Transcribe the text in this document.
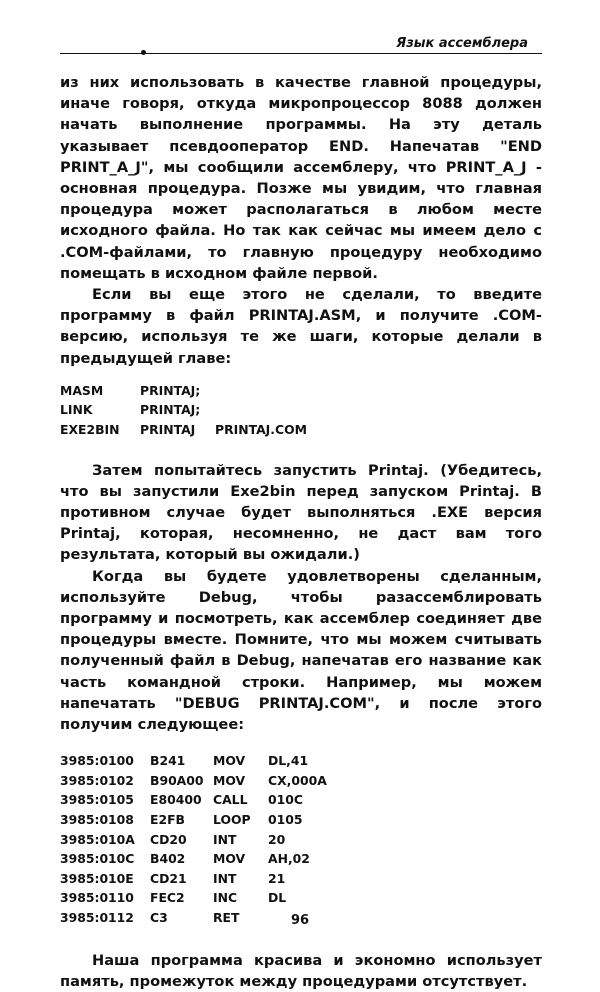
Язык ассемблера

из них использовать в качестве главной процедуры, иначе говоря, откуда микропроцессор 8088 должен начать выполнение программы. На эту деталь указывает псевдооператор END. Напечатав "END PRINT_A_J", мы сообщили ассемблеру, что PRINT_A_J - основная процедура. Позже мы увидим, что главная процедура может располагаться в любом месте исходного файла. Но так как сейчас мы имеем дело с .COM-файлами, то главную процедуру необходимо помещать в исходном файле первой.

Если вы еще этого не сделали, то введите программу в файл PRINTAJ.ASM, и получите .COM-версию, используя те же шаги, которые делали в предыдущей главе:

MASM	PRINTAJ;
LINK	PRINTAJ;
EXE2BIN	PRINTAJ	PRINTAJ.COM

Затем попытайтесь запустить Printaj. (Убедитесь, что вы запустили Exe2bin перед запуском Printaj. В противном случае будет выполняться .EXE версия Printaj, которая, несомненно, не даст вам того результата, который вы ожидали.)

Когда вы будете удовлетворены сделанным, используйте Debug, чтобы разассемблировать программу и посмотреть, как ассемблер соединяет две процедуры вместе. Помните, что мы можем считывать полученный файл в Debug, напечатав его название как часть командной строки. Например, мы можем напечатать "DEBUG PRINTAJ.COM", и после этого получим следующее:

3985:0100	B241	MOV	DL,41
3985:0102	B90A00 MOV	CX,000A
3985:0105	E80400 CALL	010C
3985:0108	E2FB	LOOP	0105
3985:010A	CD20	INT	20
3985:010C	B402	MOV	AH,02
3985:010E	CD21	INT	21
3985:0110	FEC2	INC	DL
3985:0112	C3	RET

Наша программа красива и экономно использует память, промежуток между процедурами отсутствует.

96
